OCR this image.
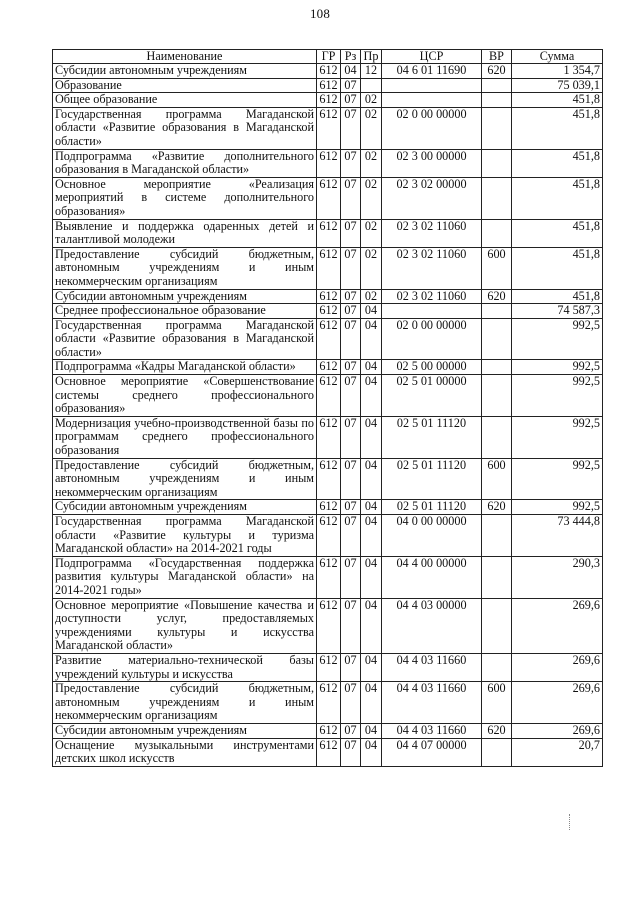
108
Наименование	ГР	Рз	Пр	ЦСР	ВР	Сумма
Субсидии автономным учреждениям	612	04	12	04 6 01 11690	620	1 354,7
Образование	612	07				75 039,1
Общее образование	612	07	02			451,8
Государственная программа Магаданской области «Развитие образования в Магаданской области»	612	07	02	02 0 00 00000		451,8
Подпрограмма «Развитие дополнительного образования в Магаданской области»	612	07	02	02 3 00 00000		451,8
Основное мероприятие «Реализация мероприятий в системе дополнительного образования»	612	07	02	02 3 02 00000		451,8
Выявление и поддержка одаренных детей и талантливой молодежи	612	07	02	02 3 02 11060		451,8
Предоставление субсидий бюджетным, автономным учреждениям и иным некоммерческим организациям	612	07	02	02 3 02 11060	600	451,8
Субсидии автономным учреждениям	612	07	02	02 3 02 11060	620	451,8
Среднее профессиональное образование	612	07	04			74 587,3
Государственная программа Магаданской области «Развитие образования в Магаданской области»	612	07	04	02 0 00 00000		992,5
Подпрограмма «Кадры Магаданской области»	612	07	04	02 5 00 00000		992,5
Основное мероприятие «Совершенствование системы среднего профессионального образования»	612	07	04	02 5 01 00000		992,5
Модернизация учебно-производственной базы по программам среднего профессионального образования	612	07	04	02 5 01 11120		992,5
Предоставление субсидий бюджетным, автономным учреждениям и иным некоммерческим организациям	612	07	04	02 5 01 11120	600	992,5
Субсидии автономным учреждениям	612	07	04	02 5 01 11120	620	992,5
Государственная программа Магаданской области «Развитие культуры и туризма Магаданской области» на 2014-2021 годы	612	07	04	04 0 00 00000		73 444,8
Подпрограмма «Государственная поддержка развития культуры Магаданской области» на 2014-2021 годы»	612	07	04	04 4 00 00000		290,3
Основное мероприятие «Повышение качества и доступности услуг, предоставляемых учреждениями культуры и искусства Магаданской области»	612	07	04	04 4 03 00000		269,6
Развитие материально-технической базы учреждений культуры и искусства	612	07	04	04 4 03 11660		269,6
Предоставление субсидий бюджетным, автономным учреждениям и иным некоммерческим организациям	612	07	04	04 4 03 11660	600	269,6
Субсидии автономным учреждениям	612	07	04	04 4 03 11660	620	269,6
Оснащение музыкальными инструментами детских школ искусств	612	07	04	04 4 07 00000		20,7
